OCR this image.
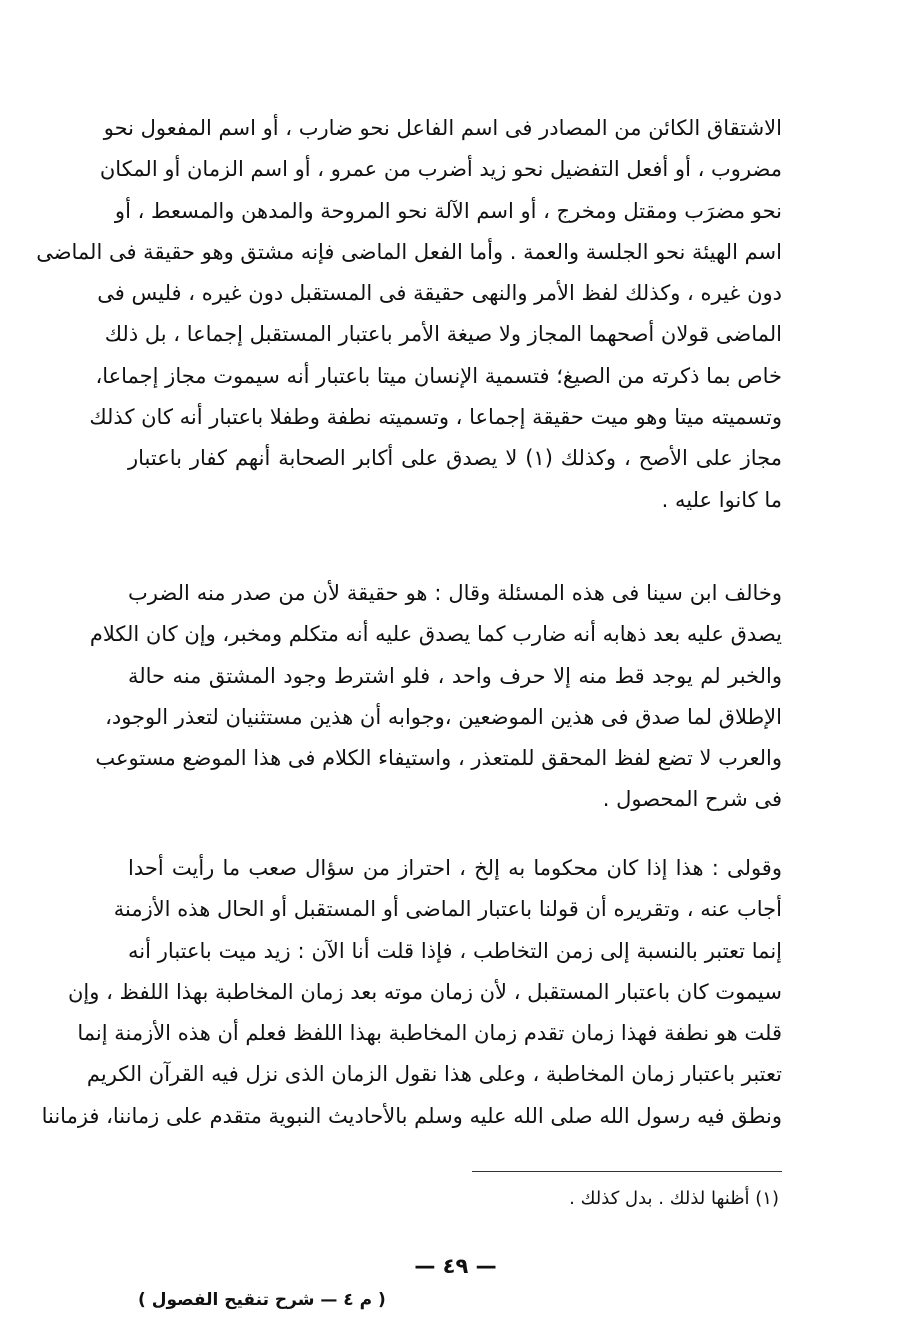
الاشتقاق الكائن من المصادر فى اسم الفاعل نحو ضارب ، أو اسم المفعول نحو
مضروب ، أو أفعل التفضيل نحو زيد أضرب من عمرو ، أو اسم الزمان أو المكان
نحو مضرَب ومقتل ومخرج ، أو اسم الآلة نحو المروحة والمدهن والمسعط ، أو
اسم الهيئة نحو الجلسة والعمة . وأما الفعل الماضى فإنه مشتق وهو حقيقة فى الماضى
دون غيره ، وكذلك لفظ الأمر والنهى حقيقة فى المستقبل دون غيره ، فليس فى
الماضى قولان أصحهما المجاز ولا صيغة الأمر باعتبار المستقبل إجماعا ، بل ذلك
خاص بما ذكرته من الصيغ؛ فتسمية الإنسان ميتا باعتبار أنه سيموت مجاز إجماعا،
وتسميته ميتا وهو ميت حقيقة إجماعا ، وتسميته نطفة وطفلا باعتبار أنه كان كذلك
مجاز على الأصح ، وكذلك (١) لا يصدق على أكابر الصحابة أنهم كفار باعتبار
ما كانوا عليه .
وخالف ابن سينا فى هذه المسئلة وقال : هو حقيقة لأن من صدر منه الضرب
يصدق عليه بعد ذهابه أنه ضارب كما يصدق عليه أنه متكلم ومخبر، وإن كان الكلام
والخبر لم يوجد قط منه إلا حرف واحد ، فلو اشترط وجود المشتق منه حالة
الإطلاق لما صدق فى هذين الموضعين ،وجوابه أن هذين مستثنيان لتعذر الوجود،
والعرب لا تضع لفظ المحقق للمتعذر ، واستيفاء الكلام فى هذا الموضع مستوعب
فى شرح المحصول .
وقولى : هذا إذا كان محكوما به إلخ ، احتراز من سؤال صعب ما رأيت أحدا
أجاب عنه ، وتقريره أن قولنا باعتبار الماضى أو المستقبل أو الحال هذه الأزمنة
إنما تعتبر بالنسبة إلى زمن التخاطب ، فإذا قلت أنا الآن : زيد ميت باعتبار أنه
سيموت كان باعتبار المستقبل ، لأن زمان موته بعد زمان المخاطبة بهذا اللفظ ، وإن
قلت هو نطفة فهذا زمان تقدم زمان المخاطبة بهذا اللفظ فعلم أن هذه الأزمنة إنما
تعتبر باعتبار زمان المخاطبة ، وعلى هذا نقول الزمان الذى نزل فيه القرآن الكريم
ونطق فيه رسول الله صلى الله عليه وسلم بالأحاديث النبوية متقدم على زماننا، فزماننا
(١) أظنها لذلك . بدل كذلك .
— ٤٩ —
( م ٤ — شرح تنقيح الفصول )
